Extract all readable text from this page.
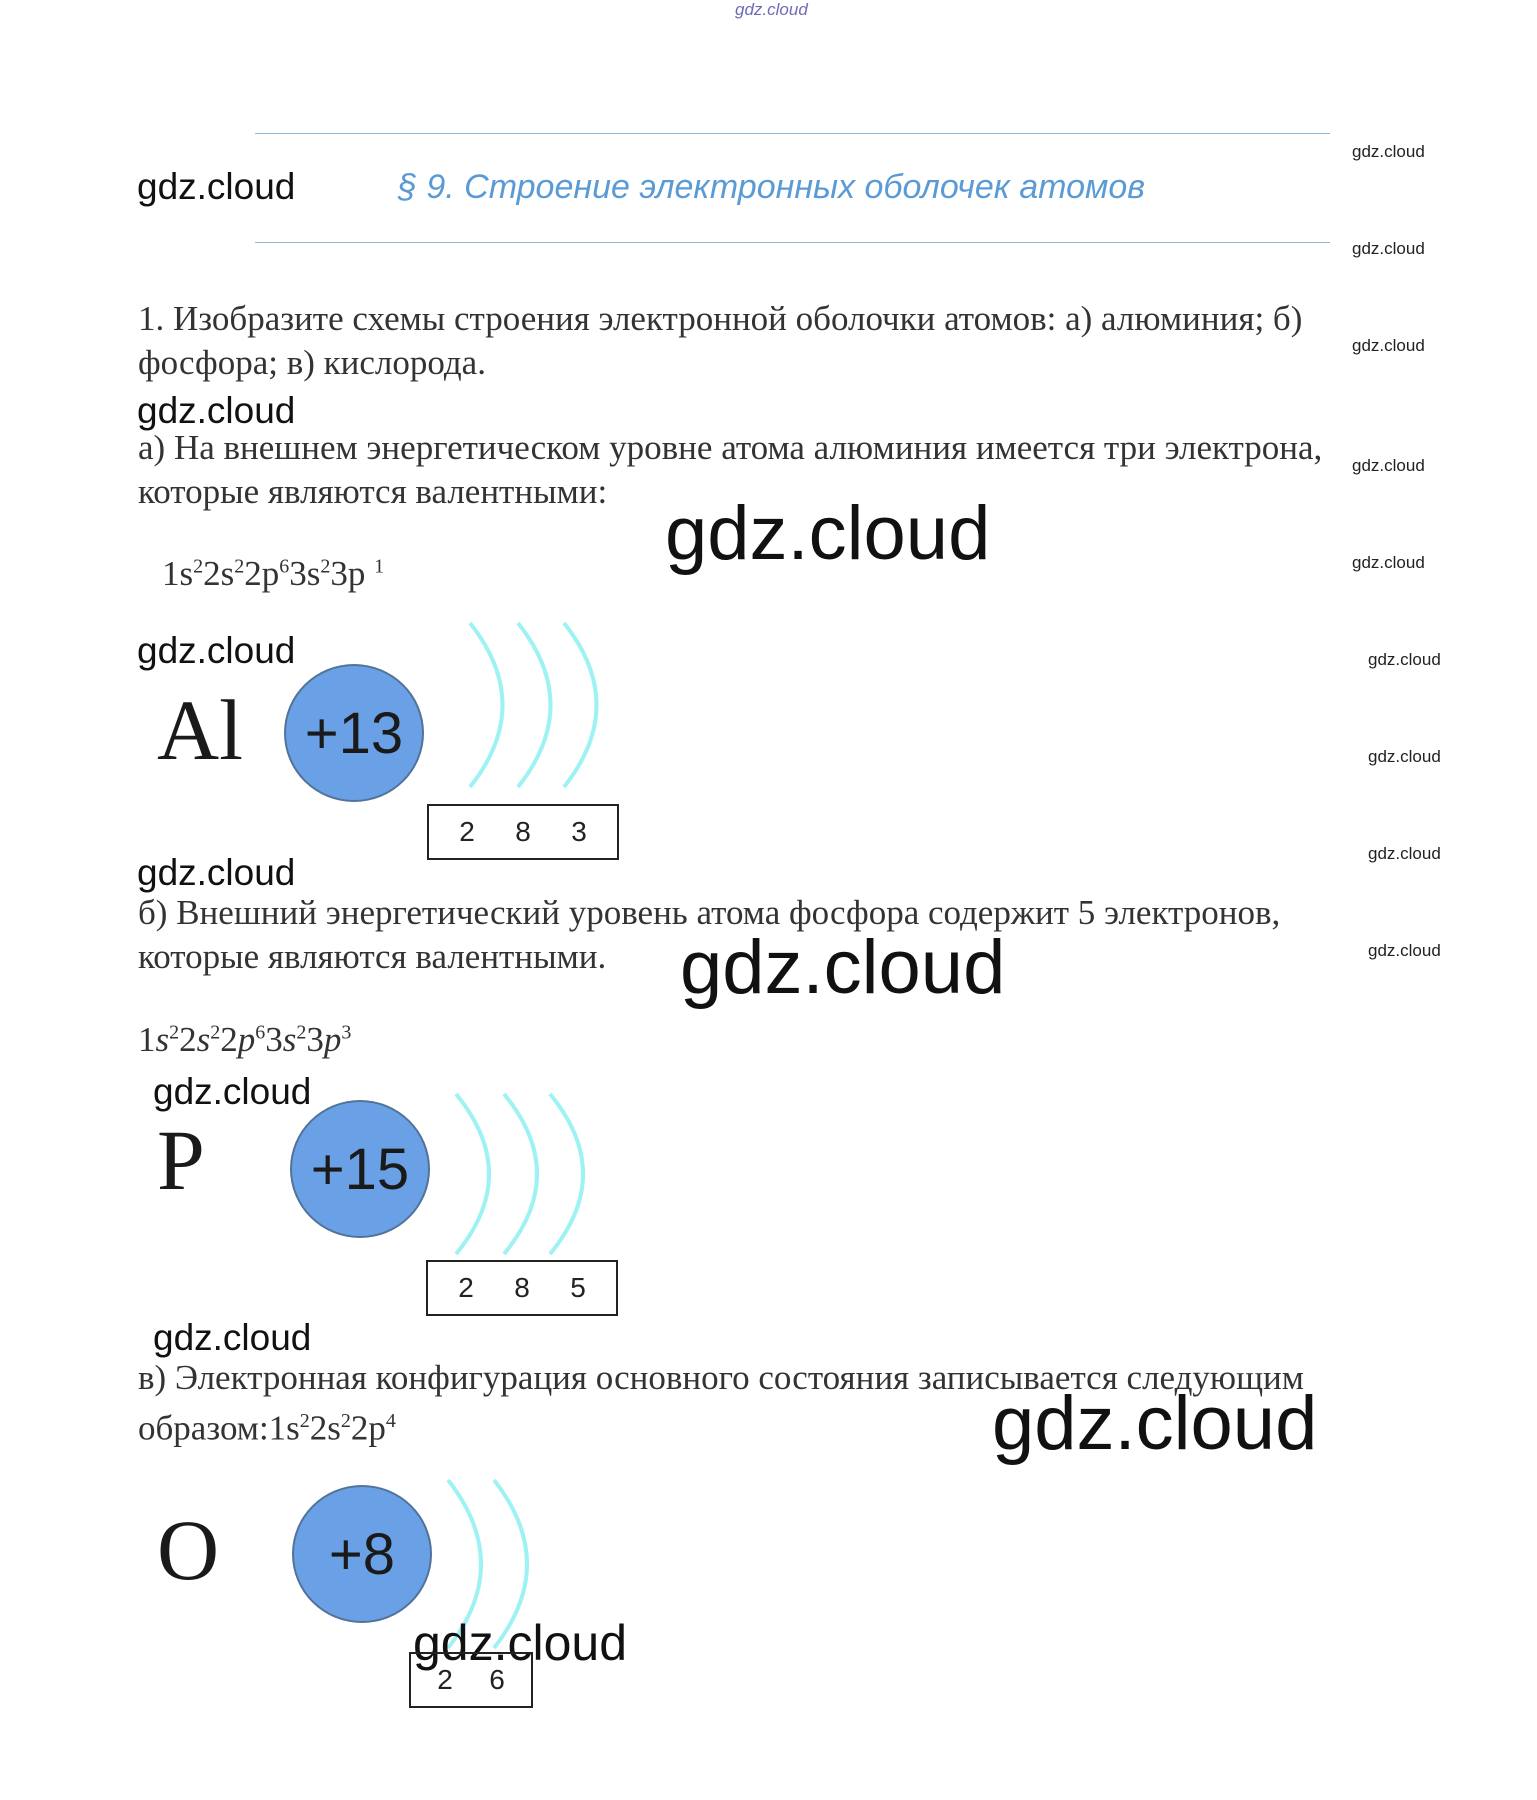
gdz.cloud
gdz.cloud	§ 9. Строение электронных оболочек атомов
gdz.cloud
gdz.cloud
gdz.cloud
gdz.cloud
gdz.cloud
gdz.cloud
gdz.cloud
gdz.cloud
gdz.cloud
1. Изобразите схемы строения электронной оболочки атомов: а) алюминия; б)
фосфора; в) кислорода.
gdz.cloud
а) На внешнем энергетическом уровне атома алюминия имеется три электрона,
которые являются валентными: gdz.cloud
$1s^22s^22p^63s^23p$ $^1$
gdz.cloud
Al	+13
2 8 3
gdz.cloud
б) Внешний энергетический уровень атома фосфора содержит 5 электронов,
которые являются валентными. gdz.cloud
$1s^22s^22p^63s^23p^3$
gdz.cloud
P	+15
2 8 5
gdz.cloud
в) Электронная конфигурация основного состояния записывается следующим
$образом:1s^22s^22p^4$	gdz.cloud
O	+8
gdz.cloud
2 6
